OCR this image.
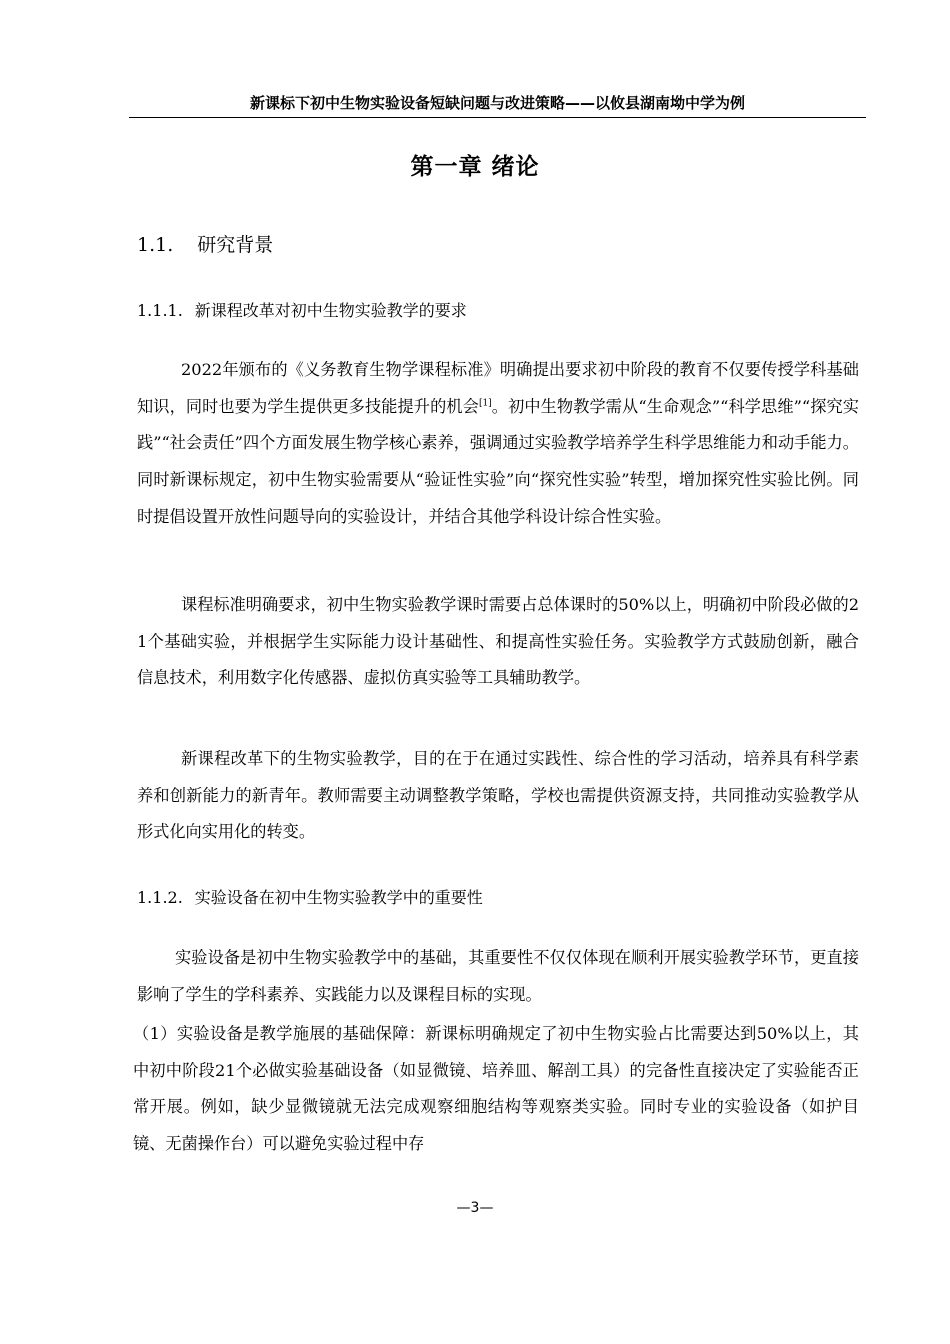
新课标下初中生物实验设备短缺问题与改进策略——以攸县湖南坳中学为例
第一章 绪论
1.1. 研究背景
1.1.1. 新课程改革对初中生物实验教学的要求
2022年颁布的《义务教育生物学课程标准》明确提出要求初中阶段的教育不仅要传授学科基础知识，同时也要为学生提供更多技能提升的机会[1]。初中生物教学需从“生命观念”“科学思维”“探究实践”“社会责任”四个方面发展生物学核心素养，强调通过实验教学培养学生科学思维能力和动手能力。同时新课标规定，初中生物实验需要从“验证性实验”向“探究性实验”转型，增加探究性实验比例。同时提倡设置开放性问题导向的实验设计，并结合其他学科设计综合性实验。
课程标准明确要求，初中生物实验教学课时需要占总体课时的50%以上，明确初中阶段必做的21个基础实验，并根据学生实际能力设计基础性、和提高性实验任务。实验教学方式鼓励创新，融合信息技术，利用数字化传感器、虚拟仿真实验等工具辅助教学。
新课程改革下的生物实验教学，目的在于在通过实践性、综合性的学习活动，培养具有科学素养和创新能力的新青年。教师需要主动调整教学策略，学校也需提供资源支持，共同推动实验教学从形式化向实用化的转变。
1.1.2. 实验设备在初中生物实验教学中的重要性
实验设备是初中生物实验教学中的基础，其重要性不仅仅体现在顺利开展实验教学环节，更直接影响了学生的学科素养、实践能力以及课程目标的实现。
（1）实验设备是教学施展的基础保障：新课标明确规定了初中生物实验占比需要达到50%以上，其中初中阶段21个必做实验基础设备（如显微镜、培养皿、解剖工具）的完备性直接决定了实验能否正常开展。例如，缺少显微镜就无法完成观察细胞结构等观察类实验。同时专业的实验设备（如护目镜、无菌操作台）可以避免实验过程中存
—3—
